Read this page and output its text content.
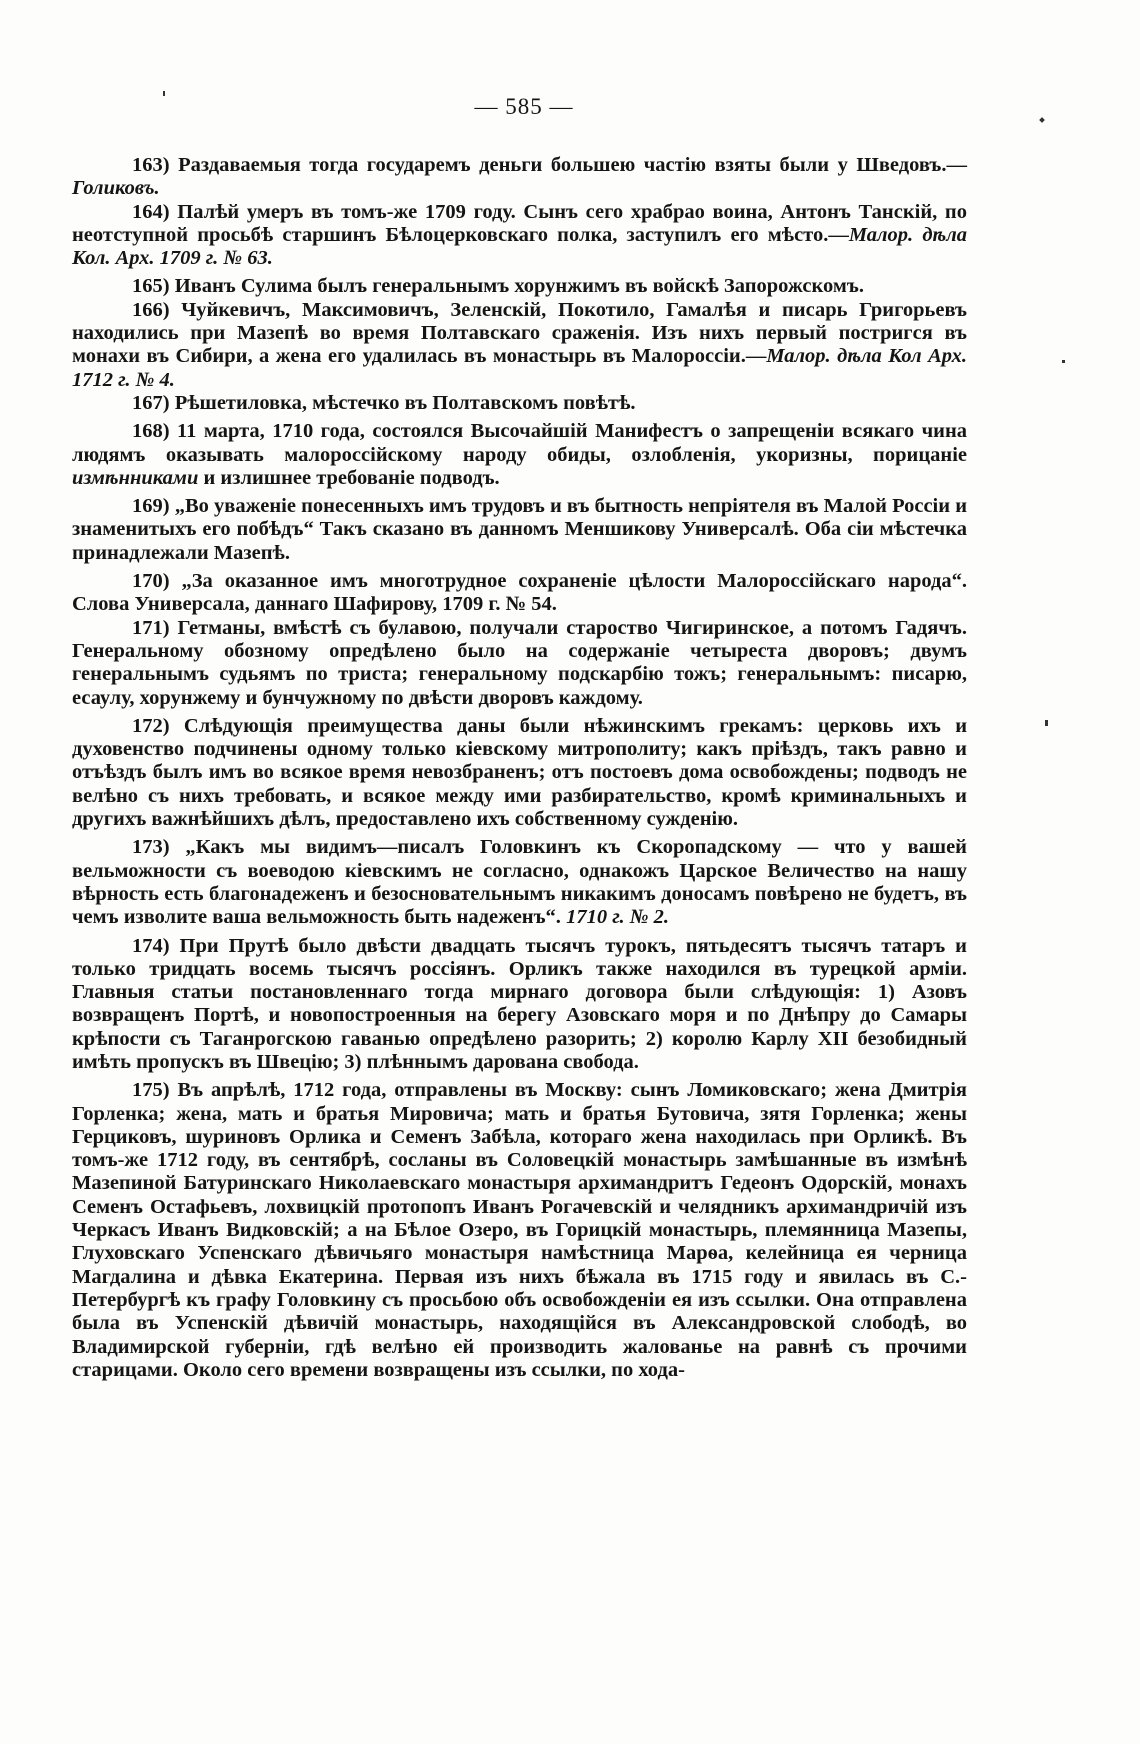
— 585 —

163) Раздаваемыя тогда государемъ деньги большею частію взяты были у Шведовъ.—Голиковъ.

164) Палѣй умеръ въ томъ-же 1709 году. Сынъ сего храбрао воина, Антонъ Танскій, по неотступной просьбѣ старшинъ Бѣлоцерковскаго полка, заступилъ его мѣсто.—Малор. дѣла Кол. Арх. 1709 г. № 63.

165) Иванъ Сулима былъ генеральнымъ хорунжимъ въ войскѣ Запорожскомъ.

166) Чуйкевичъ, Максимовичъ, Зеленскій, Покотило, Гамалѣя и писарь Григорьевъ находились при Мазепѣ во время Полтавскаго сраженія. Изъ нихъ первый постригся въ монахи въ Сибири, а жена его удалилась въ монастырь въ Малороссіи.—Малор. дѣла Кол Арх. 1712 г. № 4.

167) Рѣшетиловка, мѣстечко въ Полтавскомъ повѣтѣ.

168) 11 марта, 1710 года, состоялся Высочайшій Манифестъ о запрещеніи всякаго чина людямъ оказывать малороссійскому народу обиды, озлобленія, укоризны, порицаніе измѣнниками и излишнее требованіе подводъ.

169) „Во уваженіе понесенныхъ имъ трудовъ и въ бытность непріятеля въ Малой Россіи и знаменитыхъ его побѣдъ“ Такъ сказано въ данномъ Меншикову Универсалѣ. Оба сіи мѣстечка принадлежали Мазепѣ.

170) „За оказанное имъ многотрудное сохраненіе цѣлости Малороссійскаго народа“. Слова Универсала, даннаго Шафирову, 1709 г. № 54.

171) Гетманы, вмѣстѣ съ булавою, получали староство Чигиринское, а потомъ Гадячъ. Генеральному обозному опредѣлено было на содержаніе четыреста дворовъ; двумъ генеральнымъ судьямъ по триста; генеральному подскарбію тожъ; генеральнымъ: писарю, есаулу, хорунжему и бунчужному по двѣсти дворовъ каждому.

172) Слѣдующія преимущества даны были нѣжинскимъ грекамъ: церковь ихъ и духовенство подчинены одному только кіевскому митрополиту; какъ пріѣздъ, такъ равно и отъѣздъ былъ имъ во всякое время невозбраненъ; отъ постоевъ дома освобождены; подводъ не велѣно съ нихъ требовать, и всякое между ими разбирательство, кромѣ криминальныхъ и другихъ важнѣйшихъ дѣлъ, предоставлено ихъ собственному сужденію.

173) „Какъ мы видимъ—писалъ Головкинъ къ Скоропадскому — что у вашей вельможности съ воеводою кіевскимъ не согласно, однакожъ Царское Величество на нашу вѣрность есть благонадеженъ и безосновательнымъ никакимъ доносамъ повѣрено не будетъ, въ чемъ изволите вашa вельможность быть надеженъ“. 1710 г. № 2.

174) При Прутѣ было двѣсти двадцать тысячъ турокъ, пятьдесятъ тысячъ татаръ и только тридцать восемь тысячъ россіянъ. Орликъ также находился въ турецкой арміи. Главныя статьи постановленнаго тогда мирнаго договора были слѣдующія: 1) Азовъ возвращенъ Портѣ, и новопостроенныя на берегу Азовскаго моря и по Днѣпру до Самары крѣпости съ Таганрогскою гаванью опредѣлено разорить; 2) королю Карлу XII безобидный имѣть пропускъ въ Швецію; 3) плѣннымъ дарована свобода.

175) Въ апрѣлѣ, 1712 года, отправлены въ Москву: сынъ Ломиковскаго; жена Дмитрія Горленка; жена, мать и братья Мировича; мать и братья Бутовича, зятя Горленка; жены Герциковъ, шуриновъ Орлика и Семенъ Забѣла, котораго жена находилась при Орликѣ. Въ томъ-же 1712 году, въ сентябрѣ, сосланы въ Соловецкій монастырь замѣшанные въ измѣнѣ Мазепиной Батуринскаго Николаевскаго монастыря архимандритъ Гедеонъ Одорскій, монахъ Семенъ Остафьевъ, лохвицкій протопопъ Иванъ Рогачевскій и челядникъ архимандричій изъ Черкасъ Иванъ Видковскій; а на Бѣлое Озеро, въ Горицкій монастырь, племянница Мазепы, Глуховскаго Успенскаго дѣвичьяго монастыря намѣстница Марѳа, келейница ея черница Магдалина и дѣвка Екатерина. Первая изъ нихъ бѣжала въ 1715 году и явилась въ С.-Петербургѣ къ графу Головкину съ просьбою объ освобожденіи ея изъ ссылки. Она отправлена была въ Успенскій дѣвичій монастырь, находящійся въ Александровской слободѣ, во Владимирской губерніи, гдѣ велѣно ей производить жалованье на равнѣ съ прочими старицами. Около сего времени возвращены изъ ссылки, по хода-
